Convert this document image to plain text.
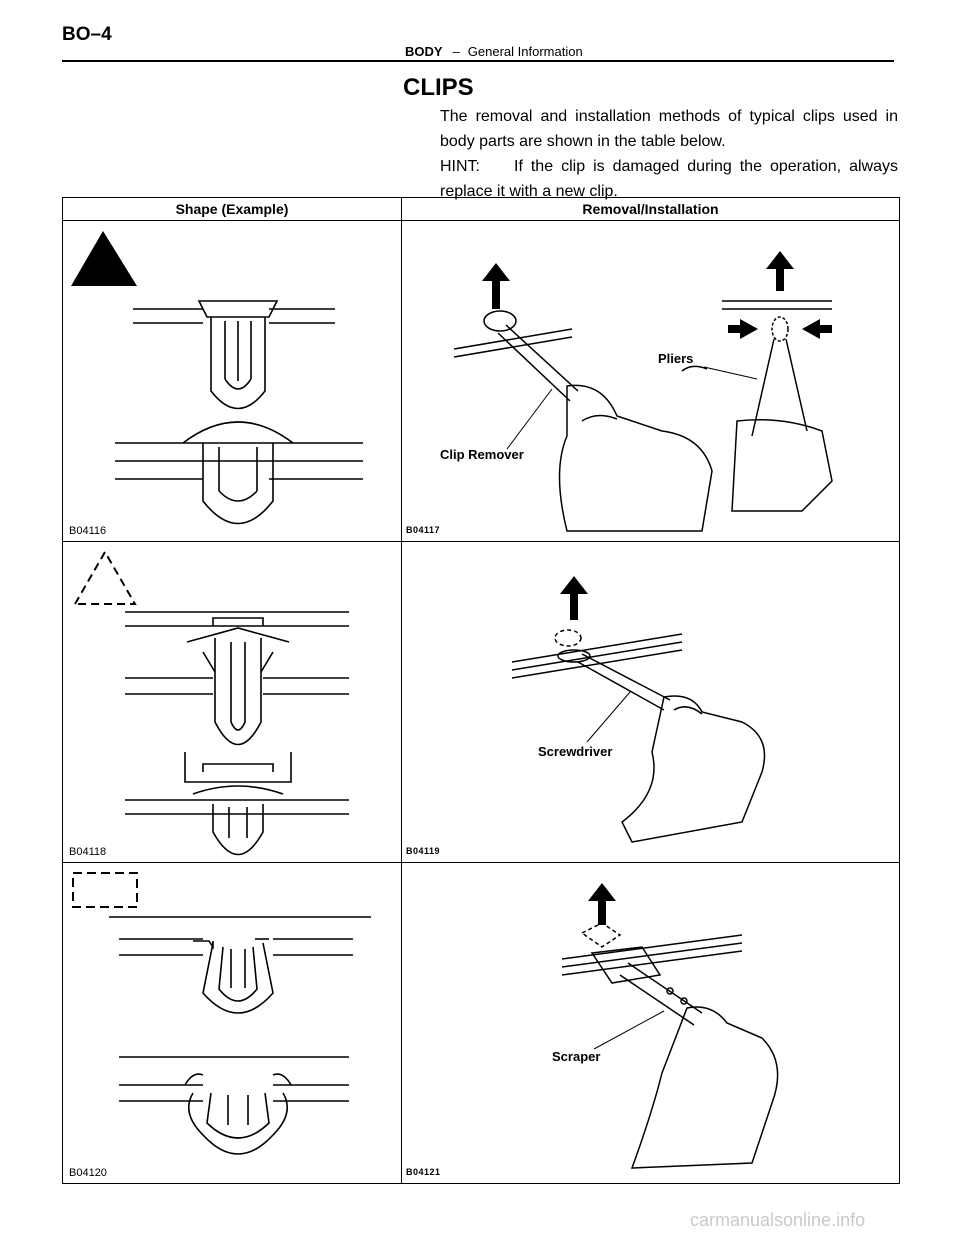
BO–4
BODY – General Information
CLIPS
The removal and installation methods of typical clips used in body parts are shown in the table below.
HINT: If the clip is damaged during the operation, always replace it with a new clip.
Shape (Example)	Removal/Installation

B04116	Clip Remover
Pliers
B04117

B04118	Screwdriver
B04119

B04120	Scraper
B04121
carmanualsonline.info
